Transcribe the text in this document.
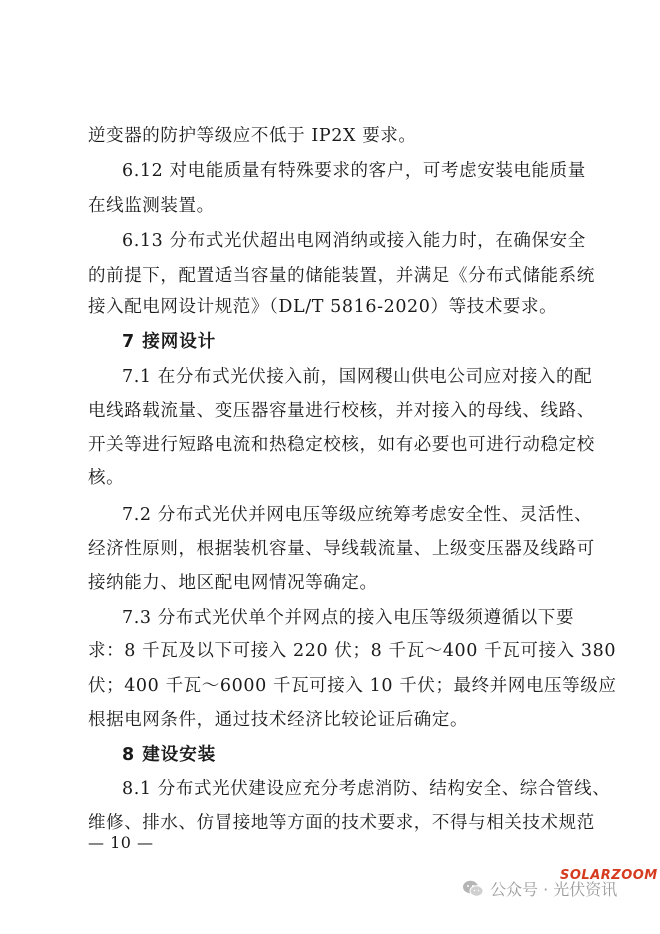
逆变器的防护等级应不低于 IP2X 要求。
6.12 对电能质量有特殊要求的客户，可考虑安装电能质量
在线监测装置。
6.13 分布式光伏超出电网消纳或接入能力时，在确保安全
的前提下，配置适当容量的储能装置，并满足《分布式储能系统
接入配电网设计规范》（DL/T 5816-2020）等技术要求。
7 接网设计
7.1 在分布式光伏接入前，国网稷山供电公司应对接入的配
电线路载流量、变压器容量进行校核，并对接入的母线、线路、
开关等进行短路电流和热稳定校核，如有必要也可进行动稳定校
核。
7.2 分布式光伏并网电压等级应统筹考虑安全性、灵活性、
经济性原则，根据装机容量、导线载流量、上级变压器及线路可
接纳能力、地区配电网情况等确定。
7.3 分布式光伏单个并网点的接入电压等级须遵循以下要
求：8 千瓦及以下可接入 220 伏；8 千瓦～400 千瓦可接入 380
伏；400 千瓦～6000 千瓦可接入 10 千伏；最终并网电压等级应
根据电网条件，通过技术经济比较论证后确定。
8 建设安装
8.1 分布式光伏建设应充分考虑消防、结构安全、综合管线、
维修、排水、仿冒接地等方面的技术要求，不得与相关技术规范
— 10 —
公众号 · 光伏资讯
SOLARZOOM
